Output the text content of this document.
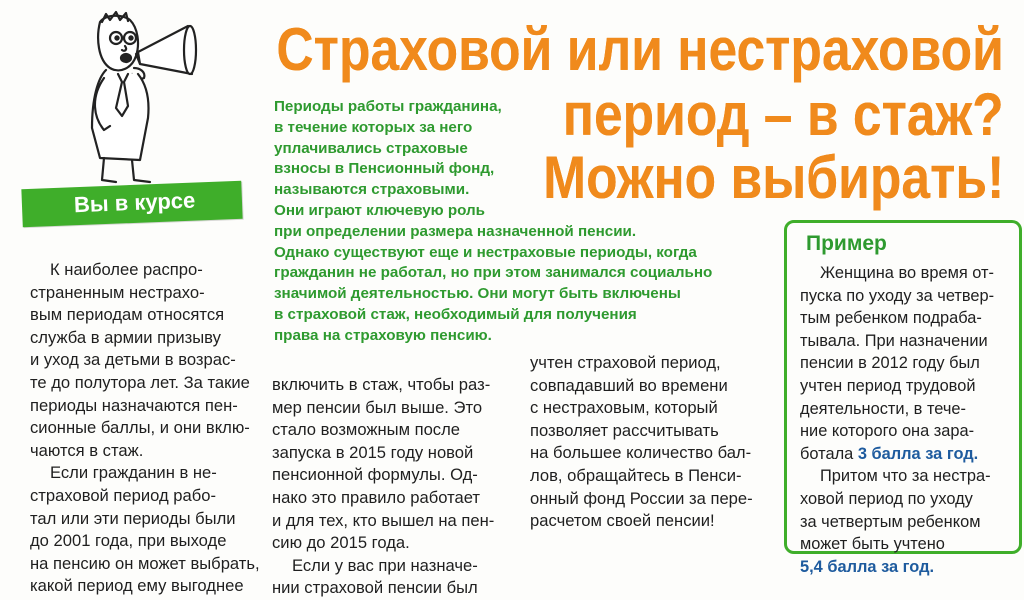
Вы в курсе
Страховой или нестраховой
период – в стаж?
Можно выбирать!
Периоды работы гражданина,
в течение которых за него
уплачивались страховые
взносы в Пенсионный фонд,
называются страховыми.
Они играют ключевую роль
при определении размера назначенной пенсии.
Однако существуют еще и нестраховые периоды, когда
гражданин не работал, но при этом занимался социально
значимой деятельностью. Они могут быть включены
в страховой стаж, необходимый для получения
права на страховую пенсию.
К наиболее распро-
страненным нестрахо-
вым периодам относятся
служба в армии призыву
и уход за детьми в возрас-
те до полутора лет. За такие
периоды назначаются пен-
сионные баллы, и они вклю-
чаются в стаж.
Если гражданин в не-
страховой период рабо-
тал или эти периоды были
до 2001 года, при выходе
на пенсию он может выбрать,
какой период ему выгоднее
включить в стаж, чтобы раз-
мер пенсии был выше. Это
стало возможным после
запуска в 2015 году новой
пенсионной формулы. Од-
нако это правило работает
и для тех, кто вышел на пен-
сию до 2015 года.
Если у вас при назначе-
нии страховой пенсии был
учтен страховой период,
совпадавший во времени
с нестраховым, который
позволяет рассчитывать
на большее количество бал-
лов, обращайтесь в Пенси-
онный фонд России за пере-
расчетом своей пенсии!
Пример
Женщина во время от-
пуска по уходу за четвер-
тым ребенком подраба-
тывала. При назначении
пенсии в 2012 году был
учтен период трудовой
деятельности, в тече-
ние которого она зара-
ботала 3 балла за год.
Притом что за нестра-
ховой период по уходу
за четвертым ребенком
может быть учтено
5,4 балла за год.
